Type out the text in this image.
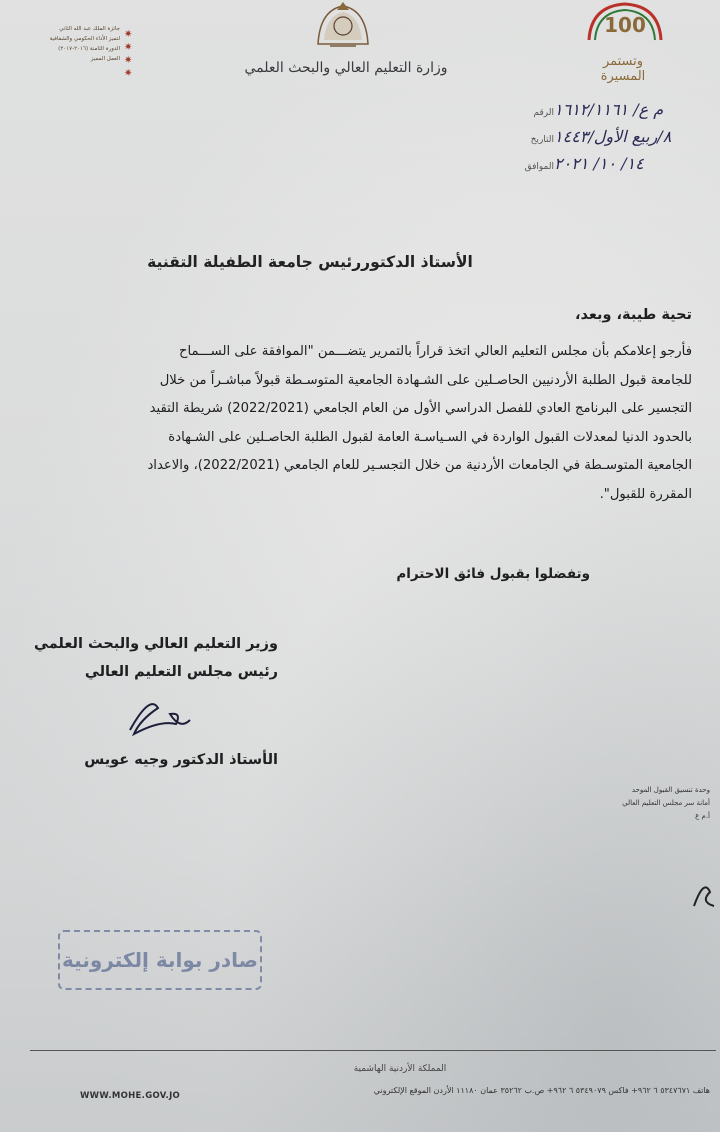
جائزة الملك عبد الله الثاني
لتميز الأداء الحكومي والشفافية
الدورة الثامنة (٢٠١٦-٢٠١٧)
العمل المميز
✷
✷
✷
✷	وزارة التعليم العالي والبحث العلمي
100
وتستمر المسيرة
الرقم م ع/ ١٦١٢/١١٦١
التاريخ ٨/ربيع الأول/١٤٤٣
الموافق ١٤/ ١٠/ ٢٠٢١
الأستاذ الدكتوررئيس جامعة الطفيلة التقنية
تحية طيبة، وبعد،

فأرجو إعلامكم بأن مجلس التعليم العالي اتخذ قراراً بالتمرير يتضـــمن "الموافقة على الســـماح

للجامعة قبول الطلبة الأردنيين الحاصـلين على الشـهادة الجامعية المتوسـطة قبولاً مباشـراً من خلال

التجسير على البرنامج العادي للفصل الدراسي الأول من العام الجامعي (2022/2021) شريطة التقيد

بالحدود الدنيا لمعدلات القبول الواردة في السـياسـة العامة لقبول الطلبة الحاصـلين على الشـهادة

الجامعية المتوسـطة في الجامعات الأردنية من خلال التجسـير للعام الجامعي (2022/2021)، والاعداد

المقررة للقبول".

وتفضلوا بقبول فائق الاحترام
وزير التعليم العالي والبحث العلمي
رئيس مجلس التعليم العالي
الأستاذ الدكتور وجيه عويس
وحدة تنسيق القبول الموحد
أمانة سر مجلس التعليم العالي
أ.م ع
صادر بوابة إلكترونية
المملكة الأردنية الهاشمية
هاتف ٥٣٤٧٦٧١ ٦ ٩٦٢+ فاكس ٥٣٤٩٠٧٩ ٦ ٩٦٢+ ص.ب ٣٥٢٦٢ عمان ١١١٨٠ الأردن الموقع الإلكتروني
WWW.MOHE.GOV.JO
